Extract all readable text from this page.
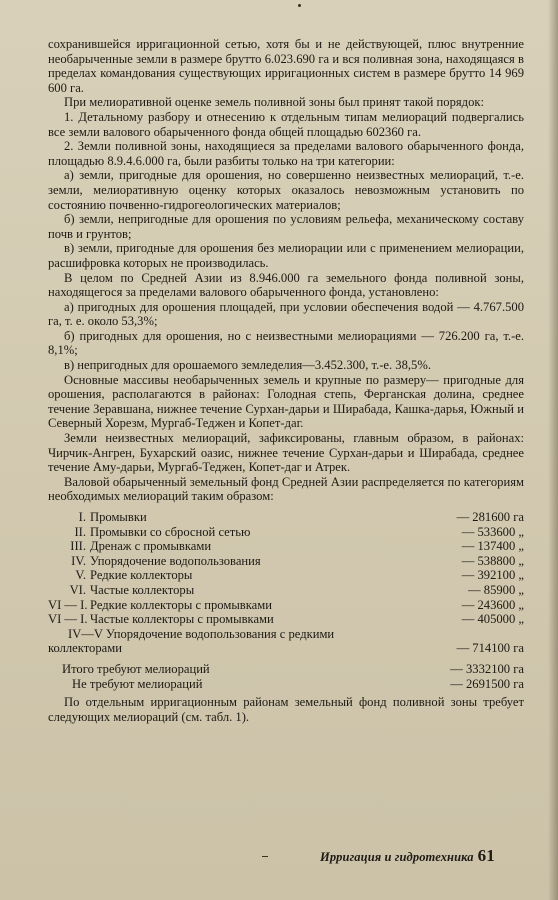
сохранившейся ирригационной сетью, хотя бы и не действующей, плюс внутренние необарыченные земли в размере брутто 6.023.690 га и вся поливная зона, находящаяся в пределах командования существующих ирригационных систем в размере брутто 14 969 600 га.

При мелиоративной оценке земель поливной зоны был принят такой порядок:

1. Детальному разбору и отнесению к отдельным типам мелиораций подвергались все земли валового обарыченного фонда общей площадью 602360 га.

2. Земли поливной зоны, находящиеся за пределами валового обарыченного фонда, площадью 8.9.4.6.000 га, были разбиты только на три категории:

а) земли, пригодные для орошения, но совершенно неизвестных мелиораций, т.-е. земли, мелиоративную оценку которых оказалось невозможным установить по состоянию почвенно-гидрогеологических материалов;

б) земли, непригодные для орошения по условиям рельефа, механическому составу почв и грунтов;

в) земли, пригодные для орошения без мелиорации или с применением мелиорации, расшифровка которых не производилась.

В целом по Средней Азии из 8.946.000 га земельного фонда поливной зоны, находящегося за пределами валового обарыченного фонда, установлено:

а) пригодных для орошения площадей, при условии обеспечения водой — 4.767.500 га, т. е. около 53,3%;

б) пригодных для орошения, но с неизвестными мелиорациями — 726.200 га, т.-е. 8,1%;

в) непригодных для орошаемого земледелия—3.452.300, т.-е. 38,5%.

Основные массивы необарыченных земель и крупные по размеру— пригодные для орошения, располагаются в районах: Голодная степь, Ферганская долина, среднее течение Зеравшана, нижнее течение Сурхан-дарьи и Ширабада, Кашка-дарья, Южный и Северный Хорезм, Мургаб-Теджен и Копет-даг.

Земли неизвестных мелиораций, зафиксированы, главным образом, в районах: Чирчик-Ангрен, Бухарский оазис, нижнее течение Сурхан-дарьи и Ширабада, среднее течение Аму-дарьи, Мургаб-Теджен, Копет-даг и Атрек.

Валовой обарыченный земельный фонд Средней Азии распределяется по категориям необходимых мелиораций таким образом:

I. Промывки	— 281600 га
II. Промывки со сбросной сетью	— 533600 „
III. Дренаж с промывками	— 137400 „
IV. Упорядочение водопользования	— 538800 „
V. Редкие коллекторы	— 392100 „
VI. Частые коллекторы	— 85900 „
VI — I. Редкие коллекторы с промывками	— 243600 „
VI — I. Частые коллекторы с промывками	— 405000 „
IV—V Упорядочение водопользования с редкими
коллекторами	— 714100 га
Итого требуют мелиораций	— 3332100 га
Не требуют мелиораций	— 2691500 га

По отдельным ирригационным районам земельный фонд поливной зоны требует следующих мелиораций (см. табл. 1).

Ирригация и гидротехника 61
